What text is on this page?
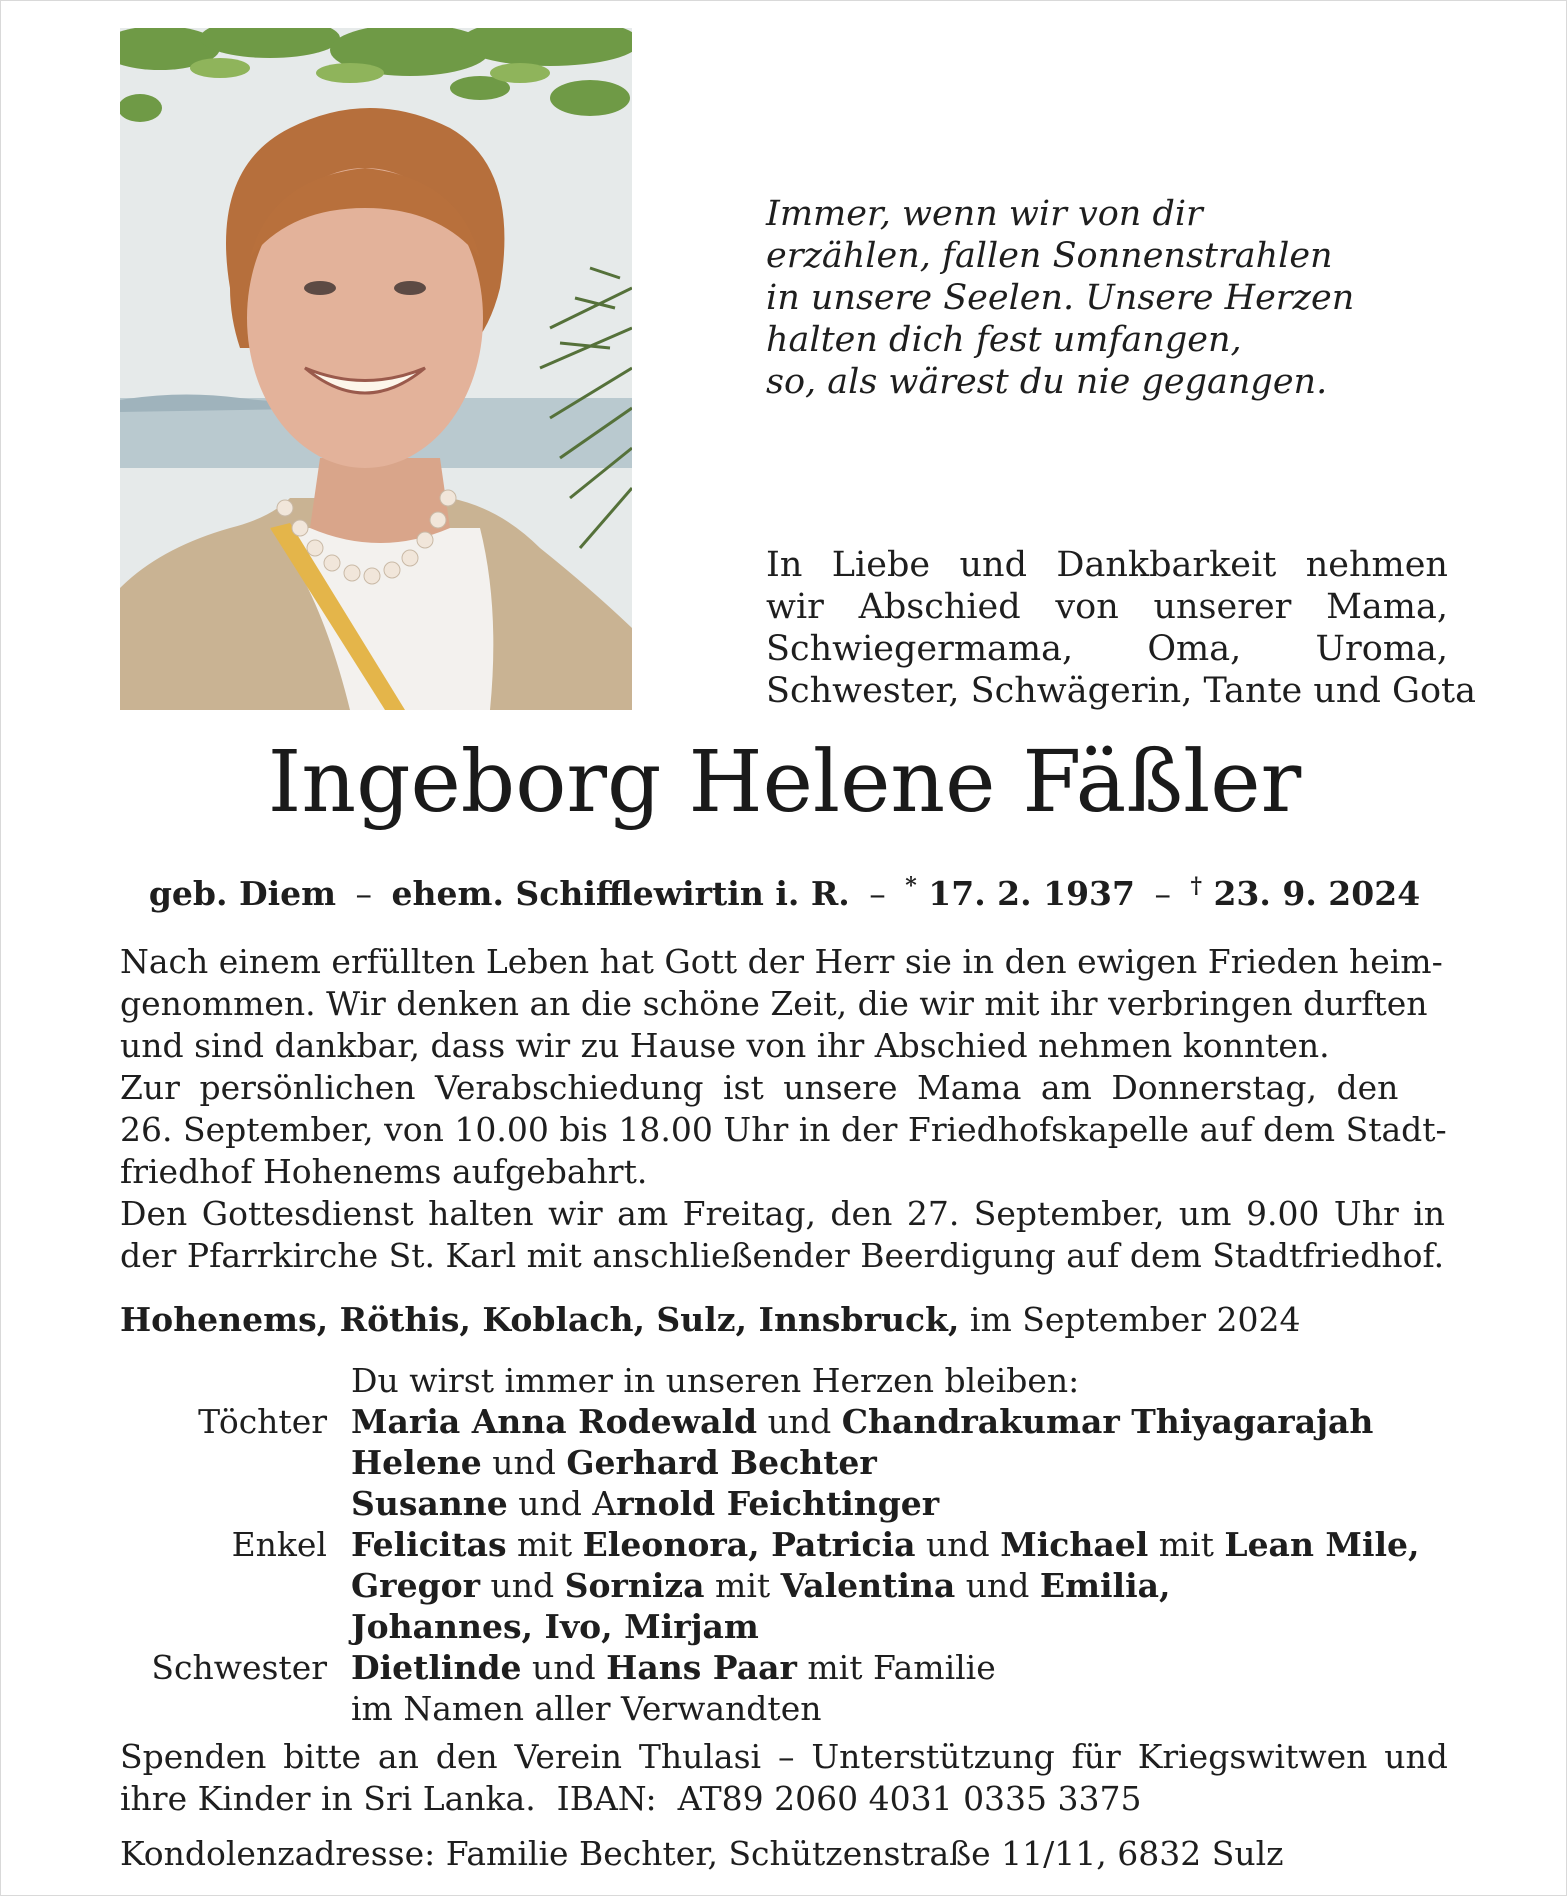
Immer, wenn wir von dir
erzählen, fallen Sonnenstrahlen
in unsere Seelen. Unsere Herzen
halten dich fest umfangen,
so, als wärest du nie gegangen.
In Liebe und Dankbarkeit nehmen
wir Abschied von unserer Mama,
Schwiegermama, Oma, Uroma,
Schwester, Schwägerin, Tante und Gota
Ingeborg Helene Fäßler
geb. Diem – ehem. Schifflewirtin i. R. – * 17. 2. 1937 – † 23. 9. 2024
Nach einem erfüllten Leben hat Gott der Herr sie in den ewigen Frieden heim-
genommen. Wir denken an die schöne Zeit, die wir mit ihr verbringen durften
und sind dankbar, dass wir zu Hause von ihr Abschied nehmen konnten.
Zur persönlichen Verabschiedung ist unsere Mama am Donnerstag, den
26. September, von 10.00 bis 18.00 Uhr in der Friedhofskapelle auf dem Stadt-
friedhof Hohenems aufgebahrt.
Den Gottesdienst halten wir am Freitag, den 27. September, um 9.00 Uhr in
der Pfarrkirche St. Karl mit anschließender Beerdigung auf dem Stadtfriedhof.
Hohenems, Röthis, Koblach, Sulz, Innsbruck, im September 2024
Du wirst immer in unseren Herzen bleiben:
Töchter Maria Anna Rodewald und Chandrakumar Thiyagarajah
Helene und Gerhard Bechter
Susanne und Arnold Feichtinger
Enkel Felicitas mit Eleonora, Patricia und Michael mit Lean Mile,
Gregor und Sorniza mit Valentina und Emilia,
Johannes, Ivo, Mirjam
Schwester Dietlinde und Hans Paar mit Familie
im Namen aller Verwandten
Spenden bitte an den Verein Thulasi – Unterstützung für Kriegswitwen und
ihre Kinder in Sri Lanka.  IBAN:  AT89 2060 4031 0335 3375
Kondolenzadresse: Familie Bechter, Schützenstraße 11/11, 6832 Sulz
